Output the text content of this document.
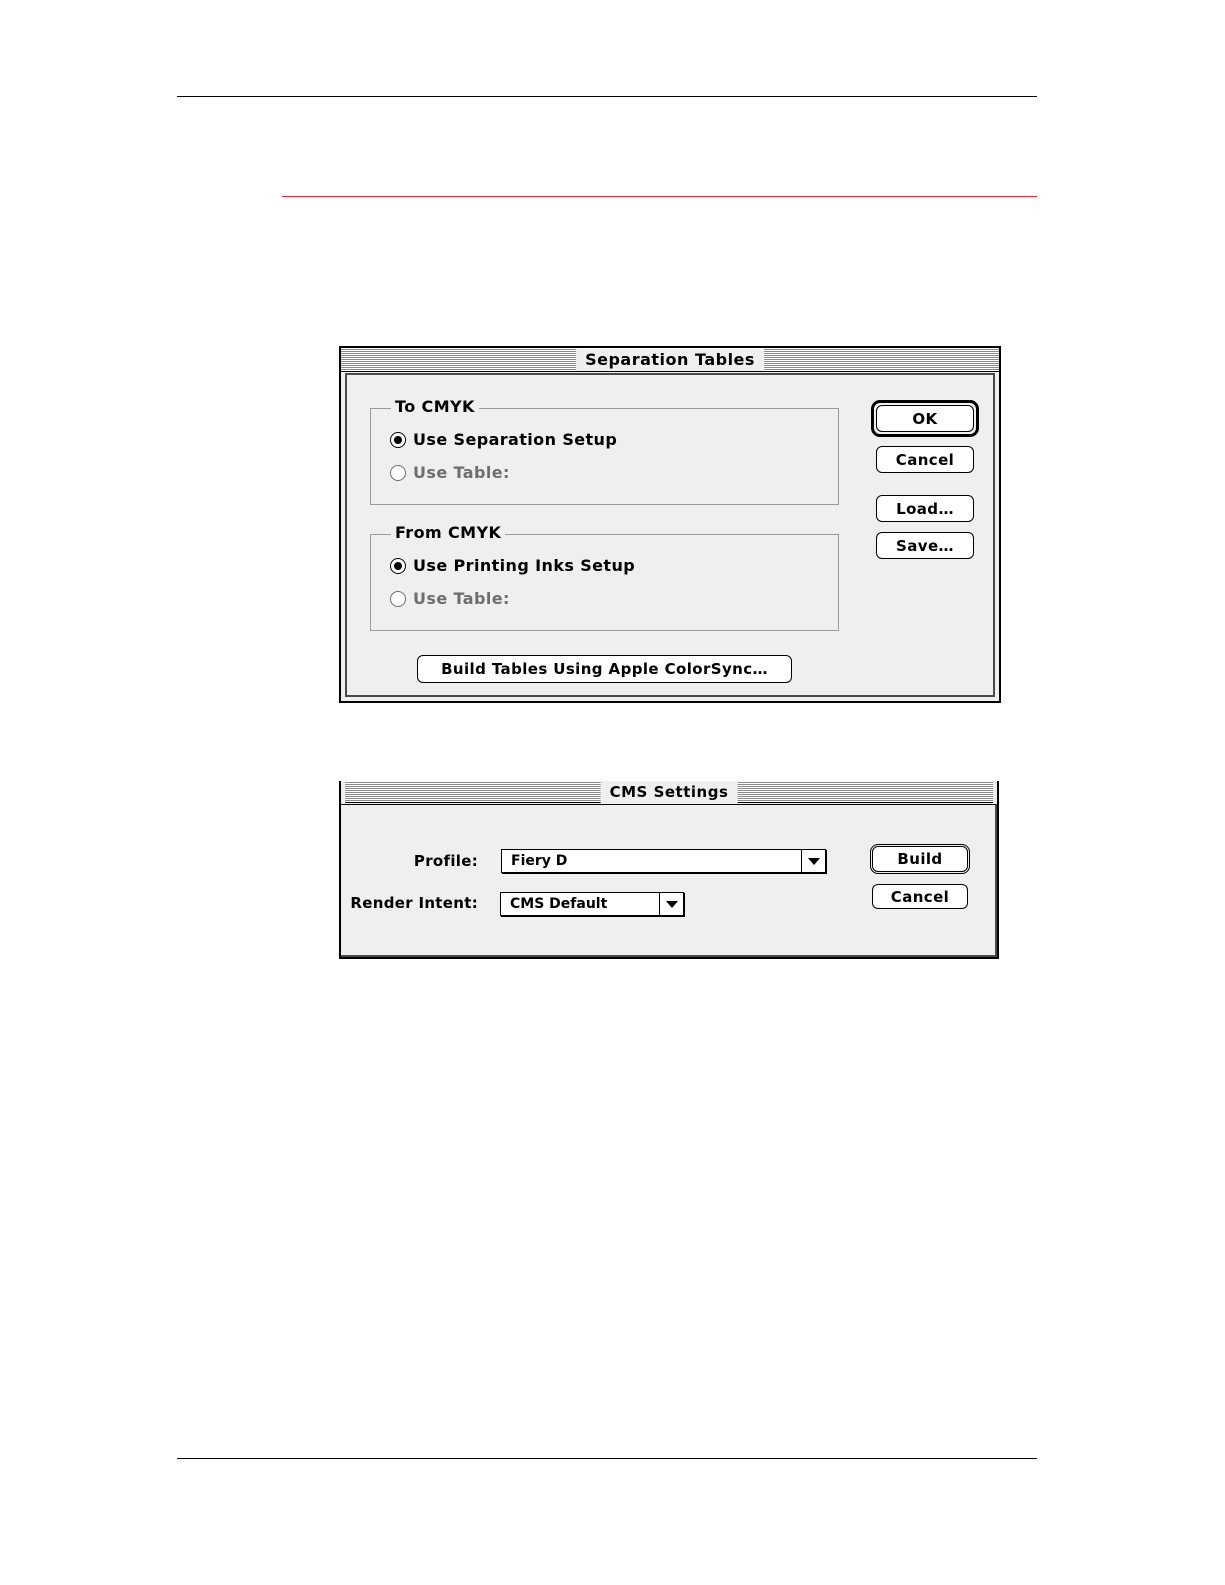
Separation Tables
To CMYK
Use Separation Setup
Use Table:
From CMYK
Use Printing Inks Setup
Use Table:
Build Tables Using Apple ColorSync…
OK
Cancel
Load…
Save…
CMS Settings
Profile: Fiery D
Render Intent: CMS Default
Build
Cancel
